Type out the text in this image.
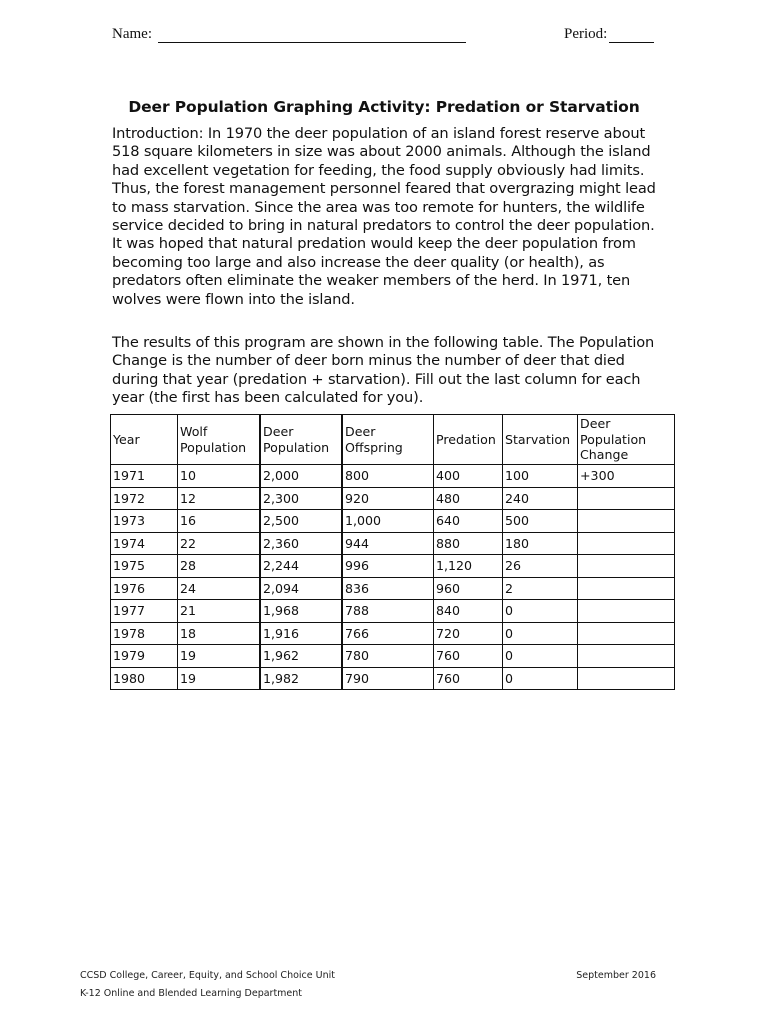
Name:	Period:
Deer Population Graphing Activity: Predation or Starvation
Introduction: In 1970 the deer population of an island forest reserve about 518 square kilometers in size was about 2000 animals. Although the island had excellent vegetation for feeding, the food supply obviously had limits. Thus, the forest management personnel feared that overgrazing might lead to mass starvation. Since the area was too remote for hunters, the wildlife service decided to bring in natural predators to control the deer population. It was hoped that natural predation would keep the deer population from becoming too large and also increase the deer quality (or health), as predators often eliminate the weaker members of the herd. In 1971, ten wolves were flown into the island.
The results of this program are shown in the following table. The Population Change is the number of deer born minus the number of deer that died during that year (predation + starvation). Fill out the last column for each year (the first has been calculated for you).
Year	Wolf Population	Deer Population	Deer Offspring	Predation	Starvation	Deer Population Change
1971	10	2,000	800	400	100	+300
1972	12	2,300	920	480	240	
1973	16	2,500	1,000	640	500	
1974	22	2,360	944	880	180	
1975	28	2,244	996	1,120	26	
1976	24	2,094	836	960	2	
1977	21	1,968	788	840	0	
1978	18	1,916	766	720	0	
1979	19	1,962	780	760	0	
1980	19	1,982	790	760	0	
CCSD College, Career, Equity, and School Choice Unit	September 2016
K-12 Online and Blended Learning Department
